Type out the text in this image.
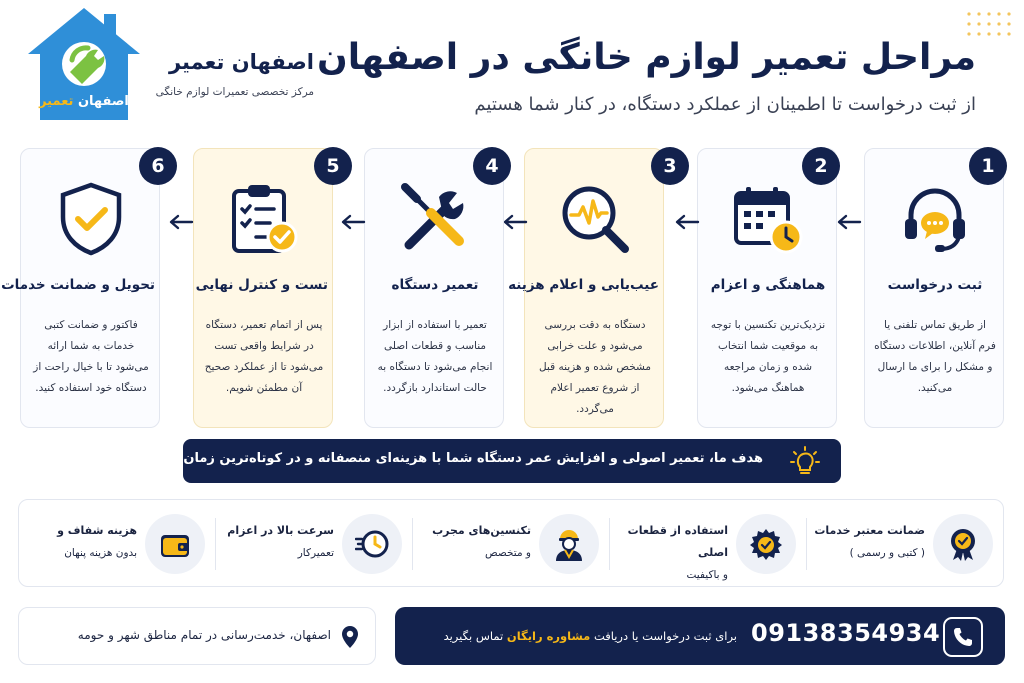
مراحل تعمیر لوازم خانگی در اصفهان

از ثبت درخواست تا اطمینان از عملکرد دستگاه، در کنار شما هستیم

اصفهان تعمیر
اصفهان تعمیر
مرکز تخصصی تعمیرات لوازم خانگی
1
ثبت درخواست
از طریق تماس تلفنی یا فرم آنلاین، اطلاعات دستگاه و مشکل را برای ما ارسال می‌کنید.
2
هماهنگی و اعزام
نزدیک‌ترین تکنسین با توجه به موقعیت شما انتخاب شده و زمان مراجعه هماهنگ می‌شود.
3
عیب‌یابی و اعلام هزینه
دستگاه به دقت بررسی می‌شود و علت خرابی مشخص شده و هزینه قبل از شروع تعمیر اعلام می‌گردد.
4
تعمیر دستگاه
تعمیر با استفاده از ابزار مناسب و قطعات اصلی انجام می‌شود تا دستگاه به حالت استاندارد بازگردد.
5
تست و کنترل نهایی
پس از اتمام تعمیر، دستگاه در شرایط واقعی تست می‌شود تا از عملکرد صحیح آن مطمئن شویم.
6
تحویل و ضمانت خدمات
فاکتور و ضمانت کتبی خدمات به شما ارائه می‌شود تا با خیال راحت از دستگاه خود استفاده کنید.
هدف ما، تعمیر اصولی و افزایش عمر دستگاه شما با هزینه‌ای منصفانه و در کوتاه‌ترین زمان است.
ضمانت معتبر خدمات
( کتبی و رسمی )
استفاده از قطعات اصلی
و باکیفیت
تکنسین‌های مجرب
و متخصص
سرعت بالا در اعزام
تعمیرکار
هزینه شفاف و
بدون هزینه پنهان
09138354934
برای ثبت درخواست یا دریافت مشاوره رایگان تماس بگیرید
اصفهان، خدمت‌رسانی در تمام مناطق شهر و حومه
